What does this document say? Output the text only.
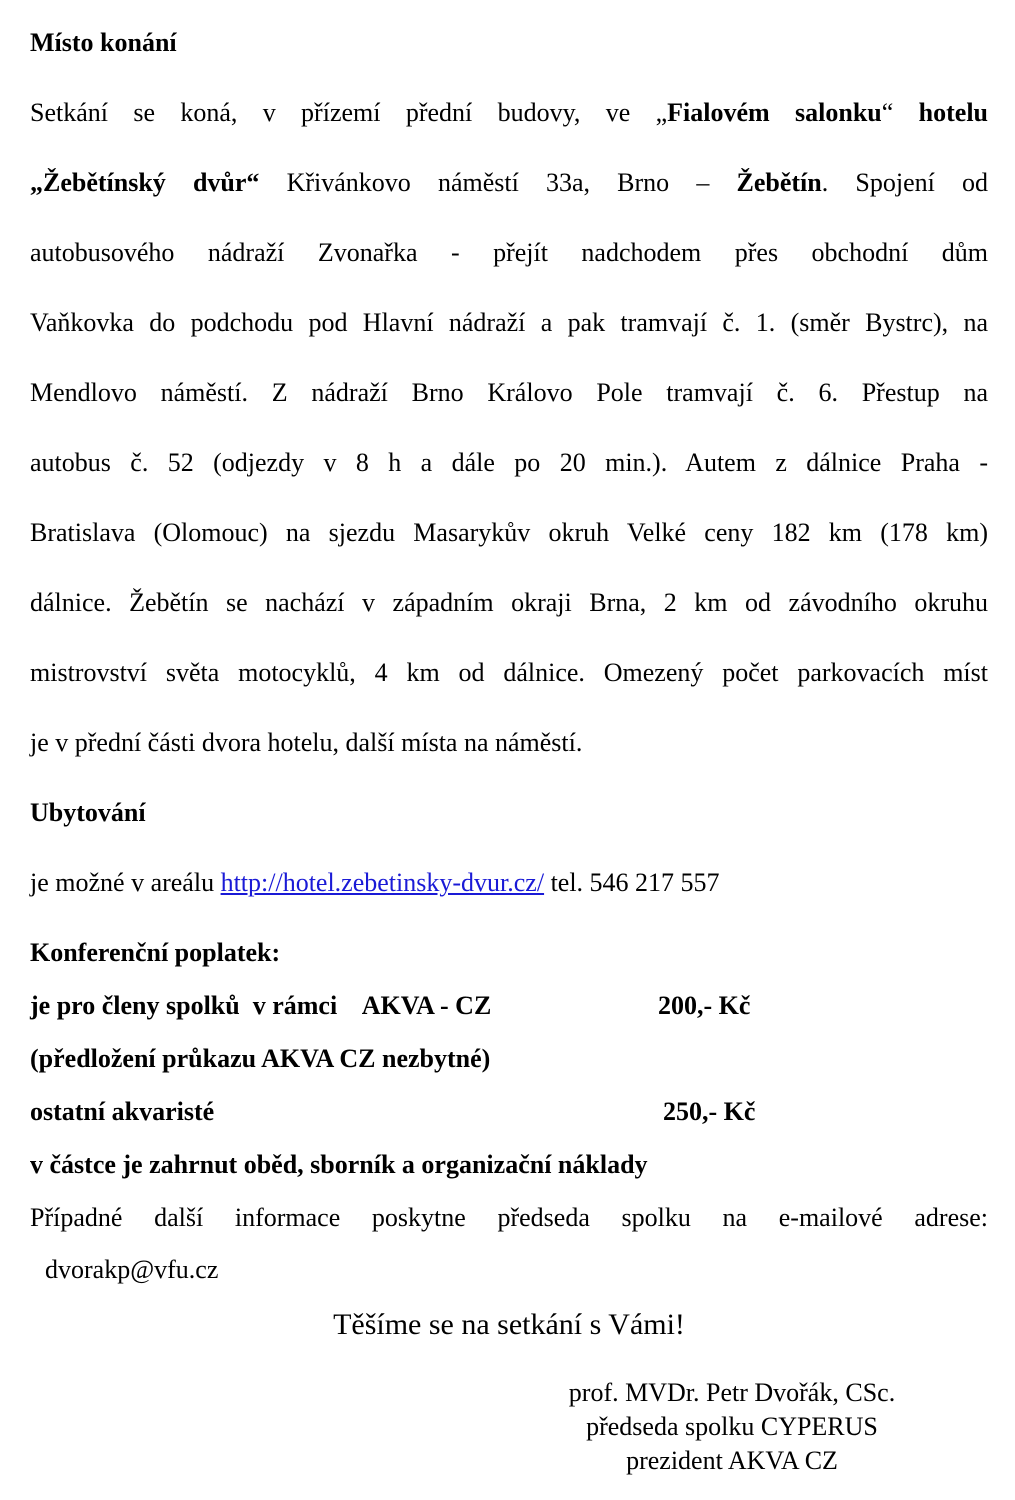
Místo konání
Setkání se koná, v přízemí přední budovy, ve „Fialovém salonku“ hotelu
„Žebětínský dvůr“ Křivánkovo náměstí 33a, Brno – Žebětín. Spojení od
autobusového nádraží Zvonařka - přejít nadchodem přes obchodní dům
Vaňkovka do podchodu pod Hlavní nádraží a pak tramvají č. 1. (směr Bystrc), na
Mendlovo náměstí. Z nádraží Brno Královo Pole tramvají č. 6. Přestup na
autobus č. 52 (odjezdy v 8 h a dále po 20 min.). Autem z dálnice Praha -
Bratislava (Olomouc) na sjezdu Masarykův okruh Velké ceny 182 km (178 km)
dálnice. Žebětín se nachází v západním okraji Brna, 2 km od závodního okruhu
mistrovství světa motocyklů, 4 km od dálnice. Omezený počet parkovacích míst
je v přední části dvora hotelu, další místa na náměstí.
Ubytování
je možné v areálu http://hotel.zebetinsky-dvur.cz/ tel. 546 217 557
Konferenční poplatek:
je pro členy spolků  v rámci    AKVA - CZ	200,- Kč
(předložení průkazu AKVA CZ nezbytné)
ostatní akvaristé	250,- Kč
v částce je zahrnut oběd, sborník a organizační náklady
Případné další informace poskytne předseda spolku na e-mailové adrese:
dvorakp@vfu.cz
Těšíme se na setkání s Vámi!
prof. MVDr. Petr Dvořák, CSc.
předseda spolku CYPERUS
prezident AKVA CZ
